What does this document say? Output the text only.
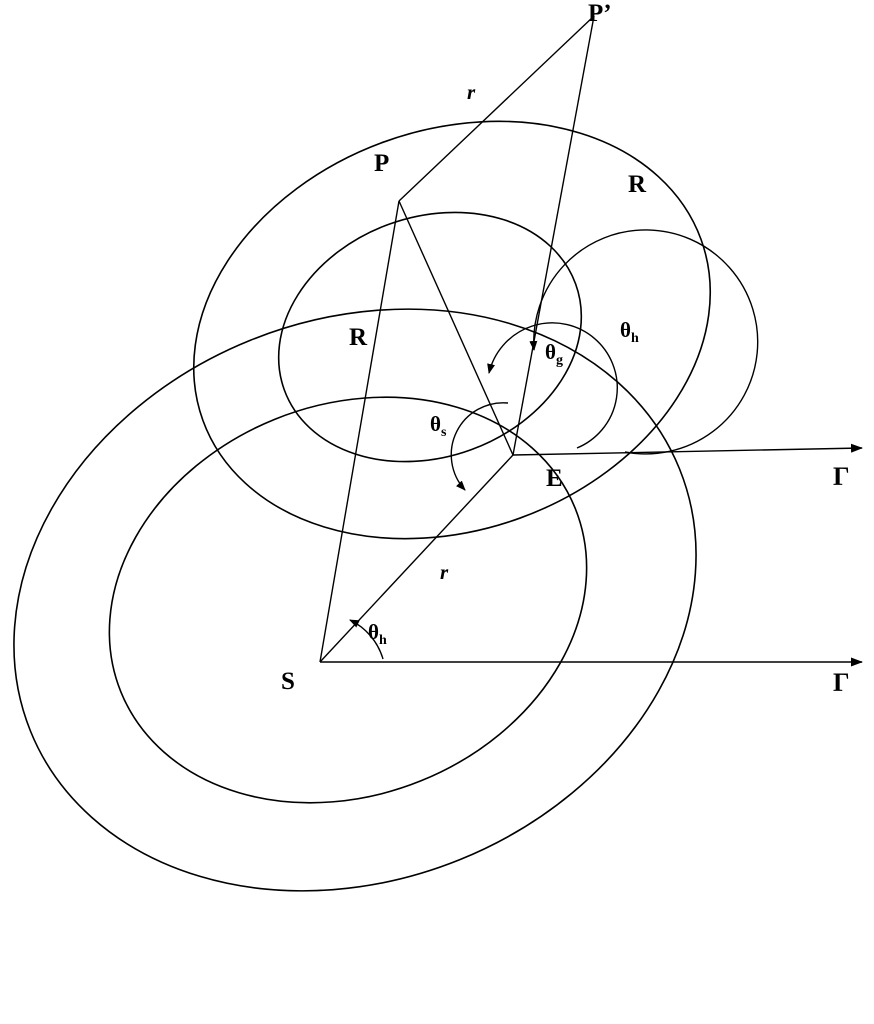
P’
P
E
S
r
r
R
R	$\theta_h$
$\theta_g$
$\theta_s$
$\theta_h$
Γ
Γ
